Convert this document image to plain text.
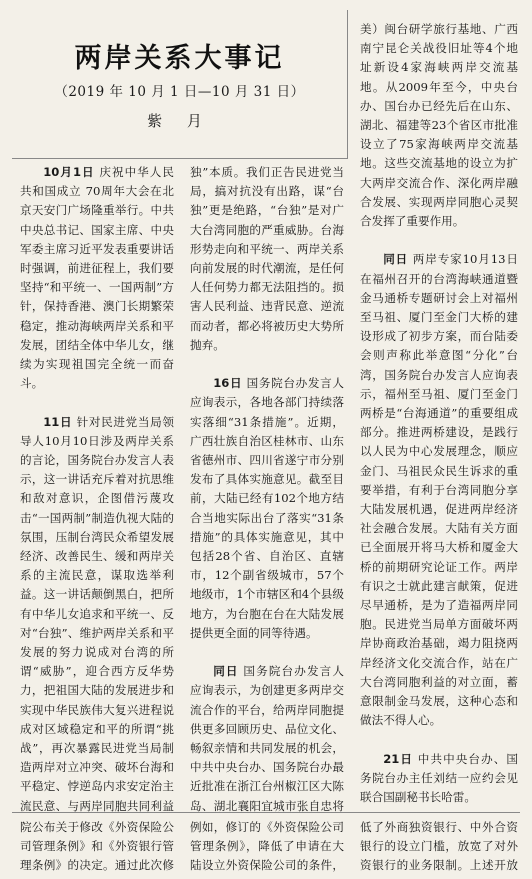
两岸关系大事记
（2019 年 10 月 1 日—10 月 31 日）
紫 月

10月1日 庆祝中华人民共和国成立 70周年大会在北京天安门广场隆重举行。中共中央总书记、国家主席、中央军委主席习近平发表重要讲话时强调，前进征程上，我们要坚持“和平统一、一国两制”方针，保持香港、澳门长期繁荣稳定，推动海峡两岸关系和平发展，团结全体中华儿女，继续为实现祖国完全统一而奋斗。

11日 针对民进党当局领导人10月10日涉及两岸关系的言论，国务院台办发言人表示，这一讲话充斥着对抗思维和敌对意识，企图借污蔑攻击“一国两制”制造仇视大陆的氛围，压制台湾民众希望发展经济、改善民生、缓和两岸关系的主流民意，谋取选举利益。这一讲话颠倒黑白，把所有中华儿女追求和平统一、反对“台独”、维护两岸关系和平发展的努力说成对台湾的所谓“威胁”，迎合西方反华势力，把祖国大陆的发展进步和实现中华民族伟大复兴进程说成对区域稳定和平的所谓“挑战”，再次暴露民进党当局制造两岸对立冲突、破坏台海和平稳定、悖逆岛内求安定治主流民意、与两岸同胞共同利益

独”本质。我们正告民进党当局，搞对抗没有出路，谋“台独”更是绝路，“台独”是对广大台湾同胞的严重威胁。台海形势走向和平统一、两岸关系向前发展的时代潮流，是任何人任何势力都无法阻挡的。损害人民利益、违背民意、逆流而动者，都必将被历史大势所抛弃。

16日 国务院台办发言人应询表示，各地各部门持续落实落细“31条措施”。近期，广西壮族自治区桂林市、山东省德州市、四川省遂宁市分别发布了具体实施意见。截至目前，大陆已经有102个地方结合当地实际出台了落实“31条措施”的具体实施意见，其中包括28个省、自治区、直辖市，12个副省级城市，57个地级市，1个市辖区和4个县级地方，为台胞在台在大陆发展提供更全面的同等待遇。

同日 国务院台办发言人应询表示，为创建更多两岸交流合作的平台，给两岸同胞提供更多回顾历史、品位文化、畅叙亲情和共同发展的机会，中共中央台办、国务院台办最近批准在浙江台州椒江区大陈岛、湖北襄阳宜城市张自忠将

美）闽台研学旅行基地、广西南宁昆仑关战役旧址等4个地址新设4家海峡两岸交流基地。从2009年至今，中央台办、国台办已经先后在山东、湖北、福建等23个省区市批准设立了75家海峡两岸交流基地。这些交流基地的设立为扩大两岸交流合作、深化两岸融合发展、实现两岸同胞心灵契合发挥了重要作用。

同日 两岸专家10月13日在福州召开的台湾海峡通道暨金马通桥专题研讨会上对福州至马祖、厦门至金门大桥的建设形成了初步方案，而台陆委会则声称此举意图“分化”台湾，国务院台办发言人应询表示，福州至马祖、厦门至金门两桥是“台海通道”的重要组成部分。推进两桥建设，是践行以人民为中心发展理念，顺应金门、马祖民众民生诉求的重要举措，有利于台湾同胞分享大陆发展机遇，促进两岸经济社会融合发展。大陆有关方面已全面展开将马大桥和厦金大桥的前期研究论证工作。两岸有识之士就此建言献策，促进尽早通桥，是为了造福两岸同胞。民进党当局单方面破坏两岸协商政治基础，竭力阻挠两岸经济文化交流合作，站在广大台湾同胞利益的对立面，蓄意限制金马发展，这种心态和做法不得人心。

21日 中共中央台办、国务院台办主任刘结一应约会见联合国副秘书长哈雷。

院公布关于修改《外资保险公司管理条例》和《外资银行管理条例》的决定。通过此次修

例如，修订的《外资保险公司管理条例》，降低了申请在大陆设立外资保险公司的条件，

低了外商独资银行、中外合资银行的设立门槛，放宽了对外资银行的业务限制。上述开放
